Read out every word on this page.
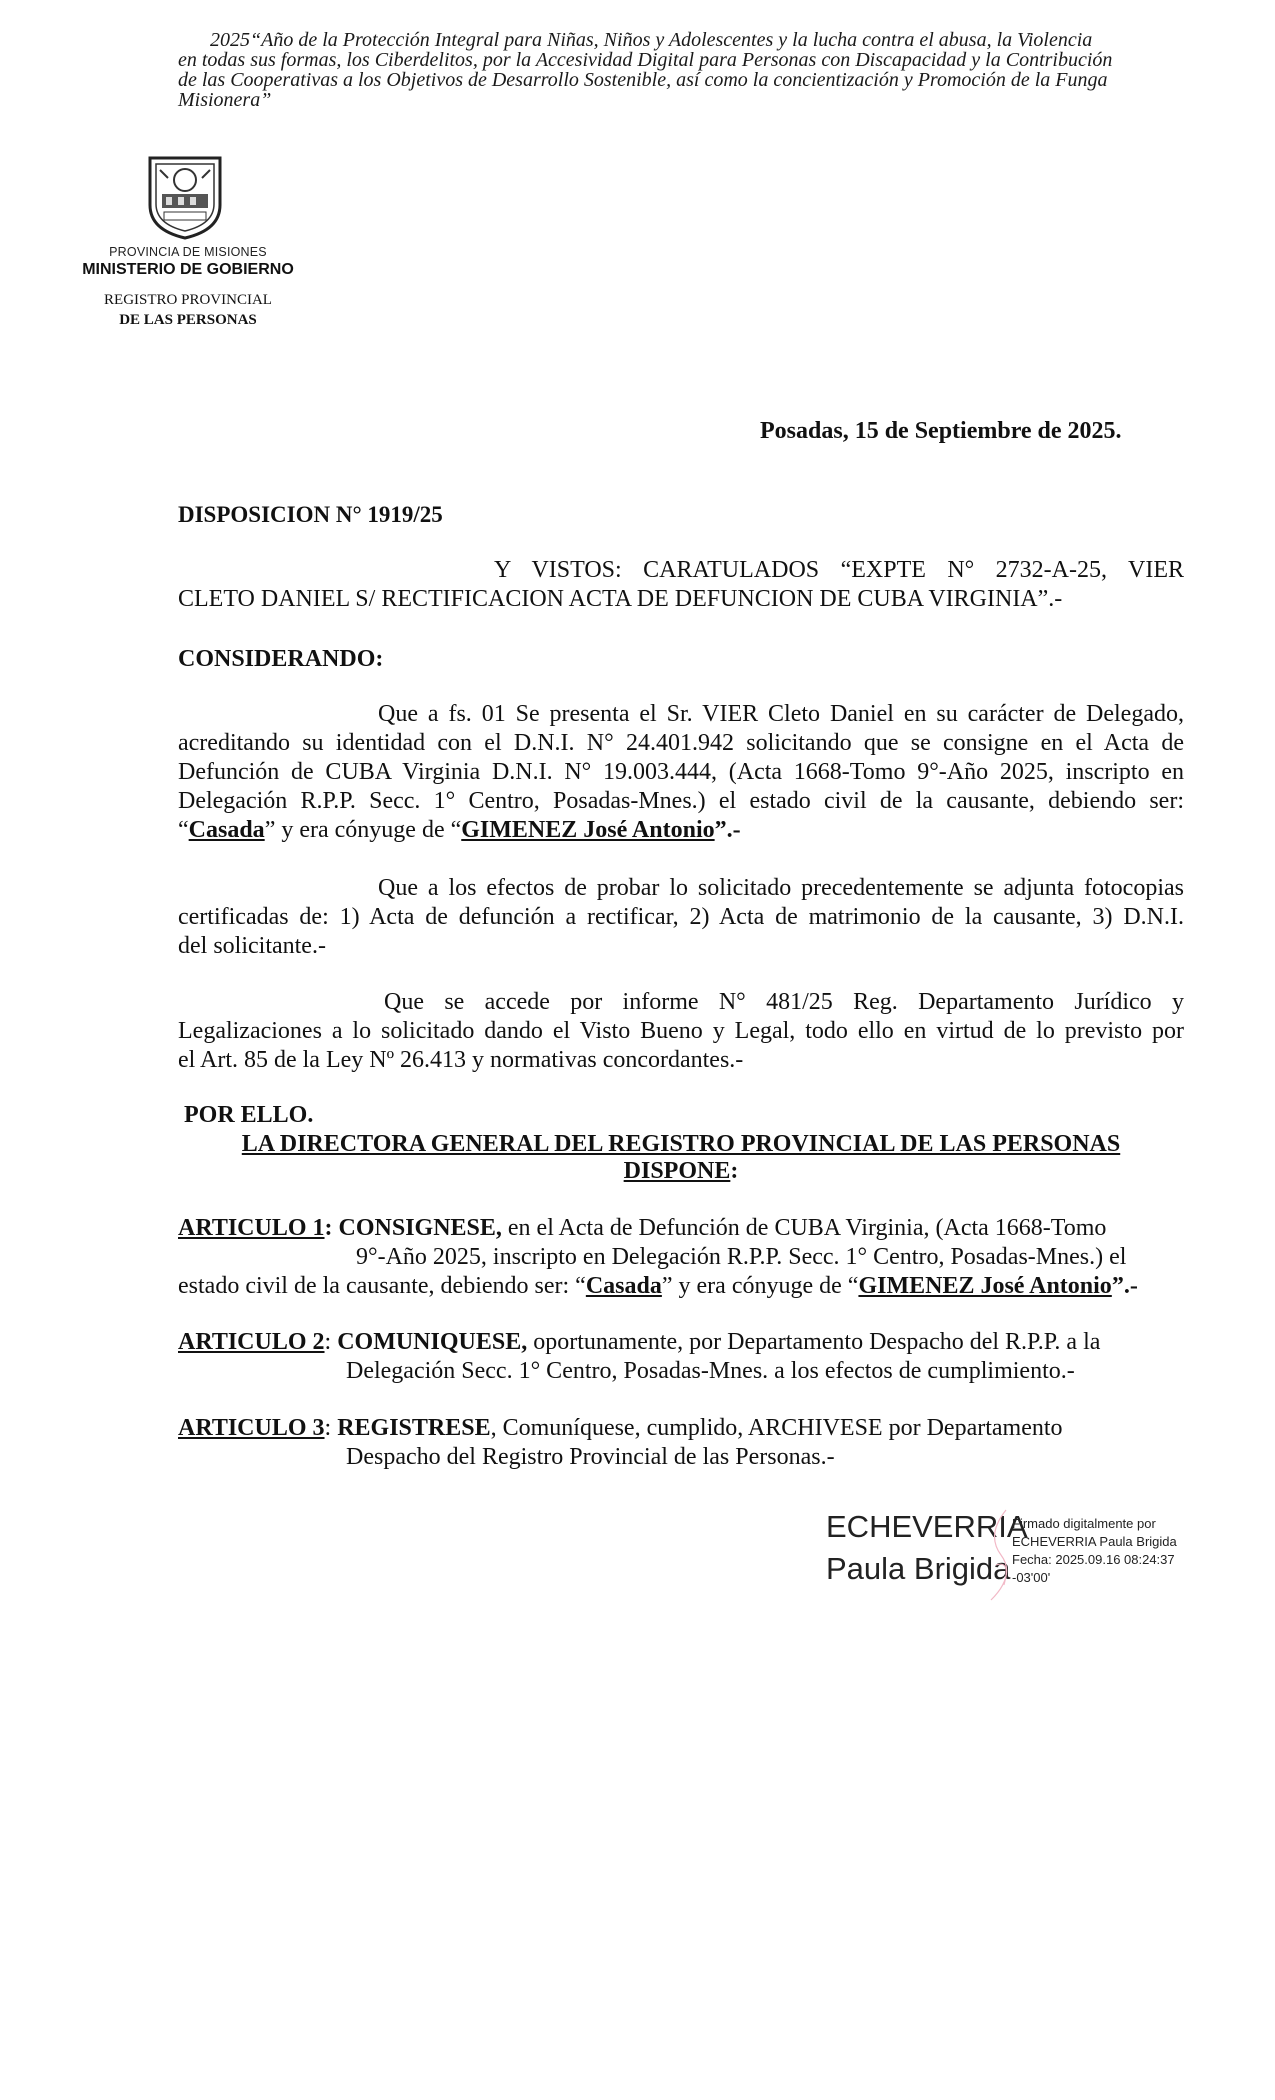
2025“Año de la Protección Integral para Niñas, Niños y Adolescentes y la lucha contra el abusa, la Violencia
en todas sus formas, los Ciberdelitos, por la Accesividad Digital para Personas con Discapacidad y la Contribución
de las Cooperativas a los Objetivos de Desarrollo Sostenible, así como la concientización y Promoción de la Funga
Misionera”
PROVINCIA DE MISIONES
MINISTERIO DE GOBIERNO
REGISTRO PROVINCIAL
DE LAS PERSONAS
Posadas, 15 de Septiembre de 2025.
DISPOSICION N° 1919/25
Y VISTOS: CARATULADOS “EXPTE N° 2732-A-25, VIER
CLETO DANIEL S/ RECTIFICACION ACTA DE DEFUNCION DE CUBA VIRGINIA”.-
CONSIDERANDO:
Que a fs. 01 Se presenta el Sr. VIER Cleto Daniel en su carácter de Delegado,
acreditando su identidad con el D.N.I. N° 24.401.942 solicitando que se consigne en el Acta de
Defunción de CUBA Virginia D.N.I. N° 19.003.444, (Acta 1668-Tomo 9°-Año 2025, inscripto en
Delegación R.P.P. Secc. 1° Centro, Posadas-Mnes.) el estado civil de la causante, debiendo ser:
“ Casada ” y era cónyuge de “ GIMENEZ José Antonio ”.-
Que a los efectos de probar lo solicitado precedentemente se adjunta fotocopias
certificadas de: 1) Acta de defunción a rectificar, 2) Acta de matrimonio de la causante, 3) D.N.I.
del solicitante.-
Que se accede por informe N° 481/25 Reg. Departamento Jurídico y
Legalizaciones a lo solicitado dando el Visto Bueno y Legal, todo ello en virtud de lo previsto por
el Art. 85 de la Ley Nº 26.413 y normativas concordantes.-
POR ELLO.
LA DIRECTORA GENERAL DEL REGISTRO PROVINCIAL DE LAS PERSONAS
DISPONE:
ARTICULO 1: CONSIGNESE, en el Acta de Defunción de CUBA Virginia, (Acta 1668-Tomo
9°-Año 2025, inscripto en Delegación R.P.P. Secc. 1° Centro, Posadas-Mnes.) el
estado civil de la causante, debiendo ser: “Casada” y era cónyuge de “GIMENEZ José Antonio”.-
ARTICULO 2: COMUNIQUESE, oportunamente, por Departamento Despacho del R.P.P. a la
Delegación Secc. 1° Centro, Posadas-Mnes. a los efectos de cumplimiento.-
ARTICULO 3: REGISTRESE, Comuníquese, cumplido, ARCHIVESE por Departamento
Despacho del Registro Provincial de las Personas.-
ECHEVERRIA
Paula Brigida
Firmado digitalmente por
ECHEVERRIA Paula Brigida
Fecha: 2025.09.16 08:24:37
-03'00'
